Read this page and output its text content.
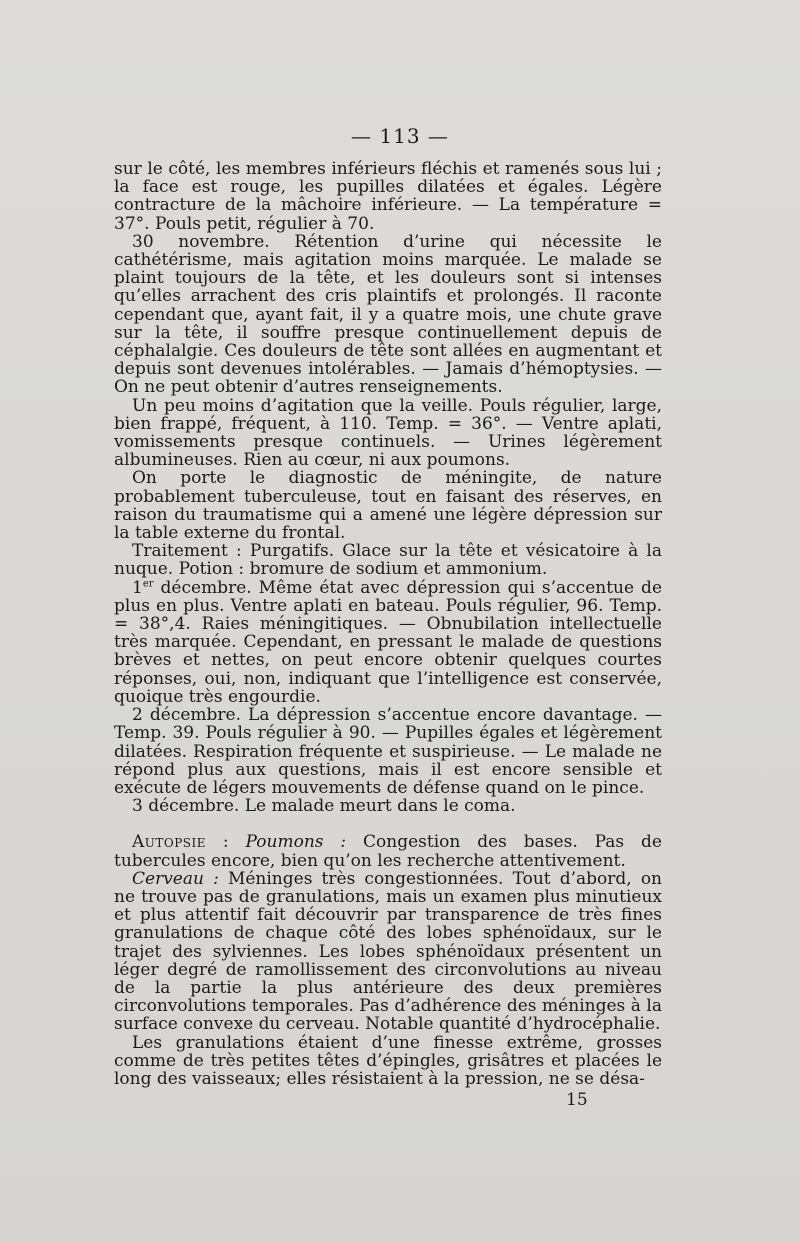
— 113 —

sur le côté, les membres inférieurs fléchis et ramenés sous lui ; la face est rouge, les pupilles dilatées et égales. Légère contracture de la mâchoire inférieure. — La température = 37°. Pouls petit, régulier à 70.

30 novembre. Rétention d’urine qui nécessite le cathétérisme, mais agitation moins marquée. Le malade se plaint toujours de la tête, et les douleurs sont si intenses qu’elles arrachent des cris plaintifs et prolongés. Il raconte cependant que, ayant fait, il y a quatre mois, une chute grave sur la tête, il souffre presque continuellement depuis de céphalalgie. Ces douleurs de tête sont allées en augmentant et depuis sont devenues intolérables. — Jamais d’hémoptysies. — On ne peut obtenir d’autres renseignements.

Un peu moins d’agitation que la veille. Pouls régulier, large, bien frappé, fréquent, à 110. Temp. = 36°. — Ventre aplati, vomissements presque continuels. — Urines légèrement albumineuses. Rien au cœur, ni aux poumons.

On porte le diagnostic de méningite, de nature probablement tuberculeuse, tout en faisant des réserves, en raison du traumatisme qui a amené une légère dépression sur la table externe du frontal.

Traitement : Purgatifs. Glace sur la tête et vésicatoire à la nuque. Potion : bromure de sodium et ammonium.

1er décembre. Même état avec dépression qui s’accentue de plus en plus. Ventre aplati en bateau. Pouls régulier, 96. Temp. = 38°,4. Raies méningitiques. — Obnubilation intellectuelle très marquée. Cependant, en pressant le malade de questions brèves et nettes, on peut encore obtenir quelques courtes réponses, oui, non, indiquant que l’intelligence est conservée, quoique très engourdie.

2 décembre. La dépression s’accentue encore davantage. — Temp. 39. Pouls régulier à 90. — Pupilles égales et légèrement dilatées. Respiration fréquente et suspirieuse. — Le malade ne répond plus aux questions, mais il est encore sensible et exécute de légers mouvements de défense quand on le pince.

3 décembre. Le malade meurt dans le coma.

Autopsie : Poumons : Congestion des bases. Pas de tubercules encore, bien qu’on les recherche attentivement.

Cerveau : Méninges très congestionnées. Tout d’abord, on ne trouve pas de granulations, mais un examen plus minutieux et plus attentif fait découvrir par transparence de très fines granulations de chaque côté des lobes sphénoïdaux, sur le trajet des sylviennes. Les lobes sphénoïdaux présentent un léger degré de ramollissement des circonvolutions au niveau de la partie la plus antérieure des deux premières circonvolutions temporales. Pas d’adhérence des méninges à la surface convexe du cerveau. Notable quantité d’hydrocéphalie.

Les granulations étaient d’une finesse extrême, grosses comme de très petites têtes d’épingles, grisâtres et placées le long des vaisseaux; elles résistaient à la pression, ne se désa-

15
